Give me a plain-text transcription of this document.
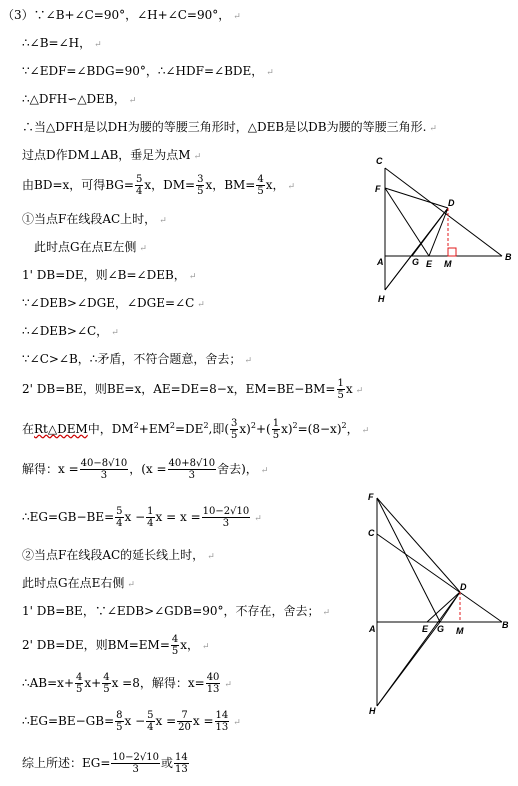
（3）∵∠B+∠C=90°，∠H+∠C=90°， ↵
∴∠B=∠H， ↵
∵∠EDF=∠BDG=90°，∴∠HDF=∠BDE， ↵
∴△DFH∽△DEB， ↵
∴当△DFH是以DH为腰的等腰三角形时，△DEB是以DB为腰的等腰三角形. ↵
过点D作DM⊥AB，垂足为点M ↵
由BD=x，可得$BG= \frac{5}{4}$ x，$DM= \frac{3}{5}$ x，$BM= \frac{4}{5}$ x， ↵
①当点F在线段AC上时， ↵
此时点G在点E左侧 ↵
1' DB=DE，则∠B=∠DEB， ↵
∵∠DEB>∠DGE，∠DGE=∠C ↵
∴∠DEB>∠C， ↵
∵∠C>∠B，∴矛盾，不符合题意，舍去； ↵
2' DB=BE，则BE=x，AE=DE=8−x，$EM=BE-BM= \frac{1}{5}$ x ↵
在Rt△DEM中，$DM^2+EM^2=DE^2$,即( $\frac{3}{5} x)^2+( \frac{1}{5} x)^2=(8-x)^2$， ↵
解得：$x = \frac{40-8√10}{3}$ ，($x = \frac{40+8√10}{3}$ 舍去)， ↵
∴EG=GB−BE= $\frac{5}{4}$ $x - \frac{1}{4}$ $x = x = \frac{10-2√10}{3}$ ↵
②当点F在线段AC的延长线上时， ↵
此时点G在点E右侧 ↵
1' DB=BE，∵∠EDB>∠GDB=90°，不存在，舍去； ↵
2' DB=DE，则$BM=EM= \frac{4}{5}$ x， ↵
∴AB=x+ $\frac{4}{5} x+ \frac{4}{5}$ x =8，解得：$x= \frac{40}{13}$ ↵
∴EG=BE−GB= $\frac{8}{5}$ $x - \frac{5}{4}$ $x = \frac{7}{20}$ $x = \frac{14}{13}$ ↵
综上所述：$EG= \frac{10-2√10}{3}$ 或 $\frac{14}{13}$
C
F
D
A	G E M
B
H
F
C
D
A	E G M
B
H
